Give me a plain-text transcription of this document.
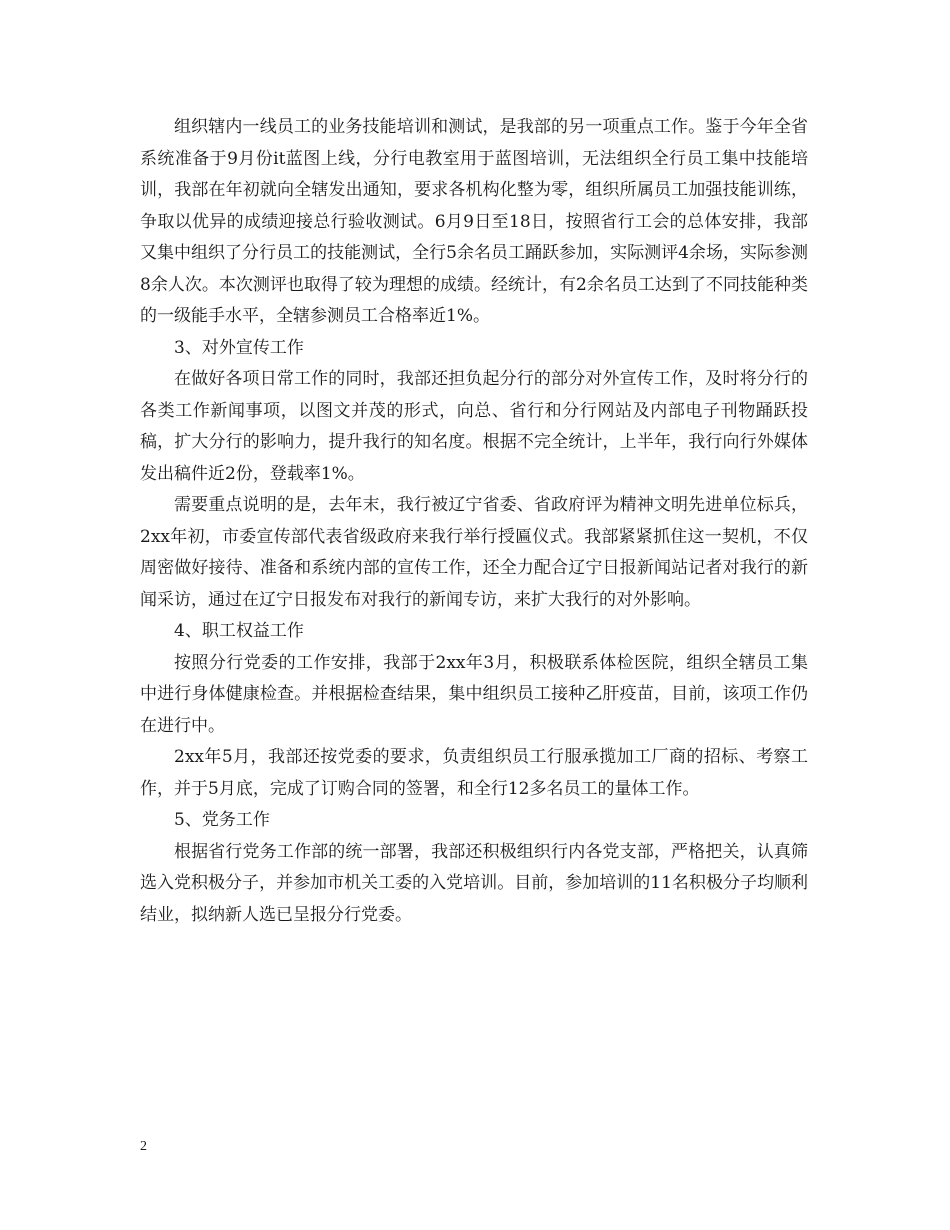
组织辖内一线员工的业务技能培训和测试，是我部的另一项重点工作。鉴于今年全省系统准备于9月份it蓝图上线，分行电教室用于蓝图培训，无法组织全行员工集中技能培训，我部在年初就向全辖发出通知，要求各机构化整为零，组织所属员工加强技能训练，争取以优异的成绩迎接总行验收测试。6月9日至18日，按照省行工会的总体安排，我部又集中组织了分行员工的技能测试，全行5余名员工踊跃参加，实际测评4余场，实际参测8余人次。本次测评也取得了较为理想的成绩。经统计，有2余名员工达到了不同技能种类的一级能手水平，全辖参测员工合格率近1%。

3、对外宣传工作

在做好各项日常工作的同时，我部还担负起分行的部分对外宣传工作，及时将分行的各类工作新闻事项，以图文并茂的形式，向总、省行和分行网站及内部电子刊物踊跃投稿，扩大分行的影响力，提升我行的知名度。根据不完全统计，上半年，我行向行外媒体发出稿件近2份，登载率1%。

需要重点说明的是，去年末，我行被辽宁省委、省政府评为精神文明先进单位标兵，2xx年初，市委宣传部代表省级政府来我行举行授匾仪式。我部紧紧抓住这一契机，不仅周密做好接待、准备和系统内部的宣传工作，还全力配合辽宁日报新闻站记者对我行的新闻采访，通过在辽宁日报发布对我行的新闻专访，来扩大我行的对外影响。

4、职工权益工作

按照分行党委的工作安排，我部于2xx年3月，积极联系体检医院，组织全辖员工集中进行身体健康检查。并根据检查结果，集中组织员工接种乙肝疫苗，目前，该项工作仍在进行中。

2xx年5月，我部还按党委的要求，负责组织员工行服承揽加工厂商的招标、考察工作，并于5月底，完成了订购合同的签署，和全行12多名员工的量体工作。

5、党务工作

根据省行党务工作部的统一部署，我部还积极组织行内各党支部，严格把关，认真筛选入党积极分子，并参加市机关工委的入党培训。目前，参加培训的11名积极分子均顺利结业，拟纳新人选已呈报分行党委。

2
